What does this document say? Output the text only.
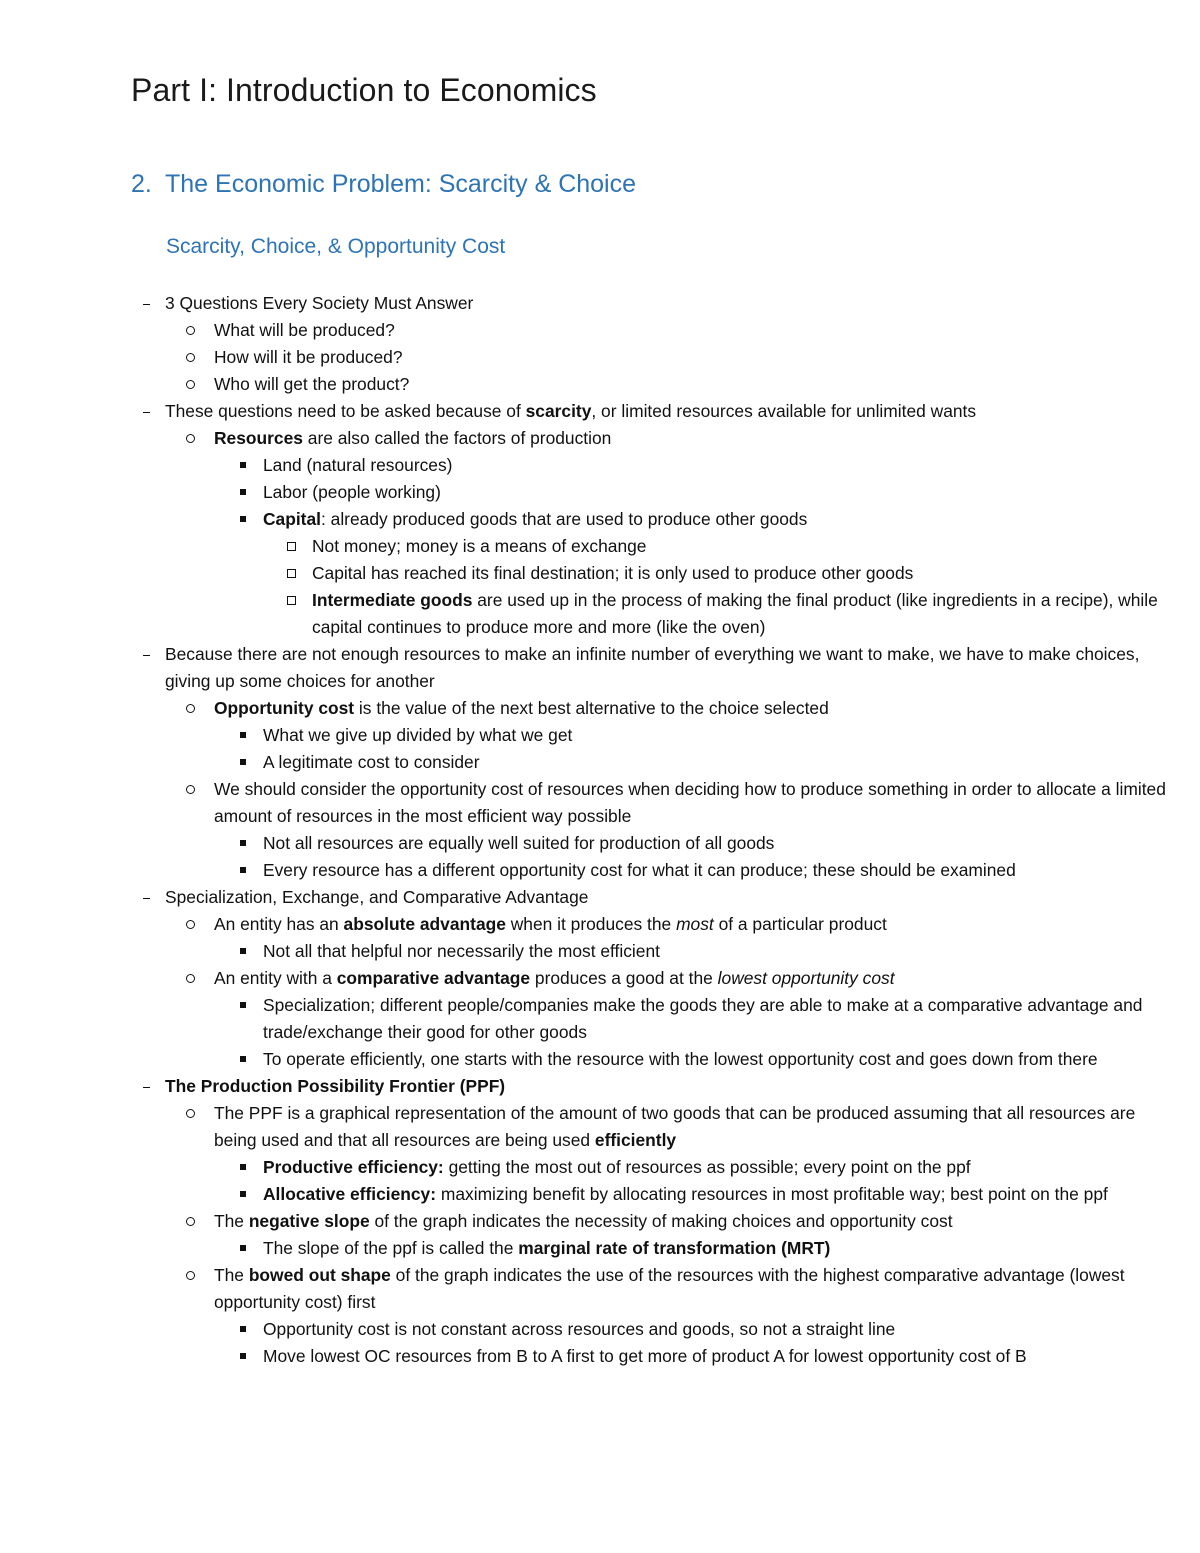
Part I: Introduction to Economics
2. The Economic Problem: Scarcity & Choice
Scarcity, Choice, & Opportunity Cost
3 Questions Every Society Must Answer
What will be produced?
How will it be produced?
Who will get the product?
These questions need to be asked because of scarcity, or limited resources available for unlimited wants
Resources are also called the factors of production
Land (natural resources)
Labor (people working)
Capital: already produced goods that are used to produce other goods
Not money; money is a means of exchange
Capital has reached its final destination; it is only used to produce other goods
Intermediate goods are used up in the process of making the final product (like ingredients in a recipe), while capital continues to produce more and more (like the oven)
Because there are not enough resources to make an infinite number of everything we want to make, we have to make choices, giving up some choices for another
Opportunity cost is the value of the next best alternative to the choice selected
What we give up divided by what we get
A legitimate cost to consider
We should consider the opportunity cost of resources when deciding how to produce something in order to allocate a limited amount of resources in the most efficient way possible
Not all resources are equally well suited for production of all goods
Every resource has a different opportunity cost for what it can produce; these should be examined
Specialization, Exchange, and Comparative Advantage
An entity has an absolute advantage when it produces the most of a particular product
Not all that helpful nor necessarily the most efficient
An entity with a comparative advantage produces a good at the lowest opportunity cost
Specialization; different people/companies make the goods they are able to make at a comparative advantage and trade/exchange their good for other goods
To operate efficiently, one starts with the resource with the lowest opportunity cost and goes down from there
The Production Possibility Frontier (PPF)
The PPF is a graphical representation of the amount of two goods that can be produced assuming that all resources are being used and that all resources are being used efficiently
Productive efficiency: getting the most out of resources as possible; every point on the ppf
Allocative efficiency: maximizing benefit by allocating resources in most profitable way; best point on the ppf
The negative slope of the graph indicates the necessity of making choices and opportunity cost
The slope of the ppf is called the marginal rate of transformation (MRT)
The bowed out shape of the graph indicates the use of the resources with the highest comparative advantage (lowest opportunity cost) first
Opportunity cost is not constant across resources and goods, so not a straight line
Move lowest OC resources from B to A first to get more of product A for lowest opportunity cost of B
